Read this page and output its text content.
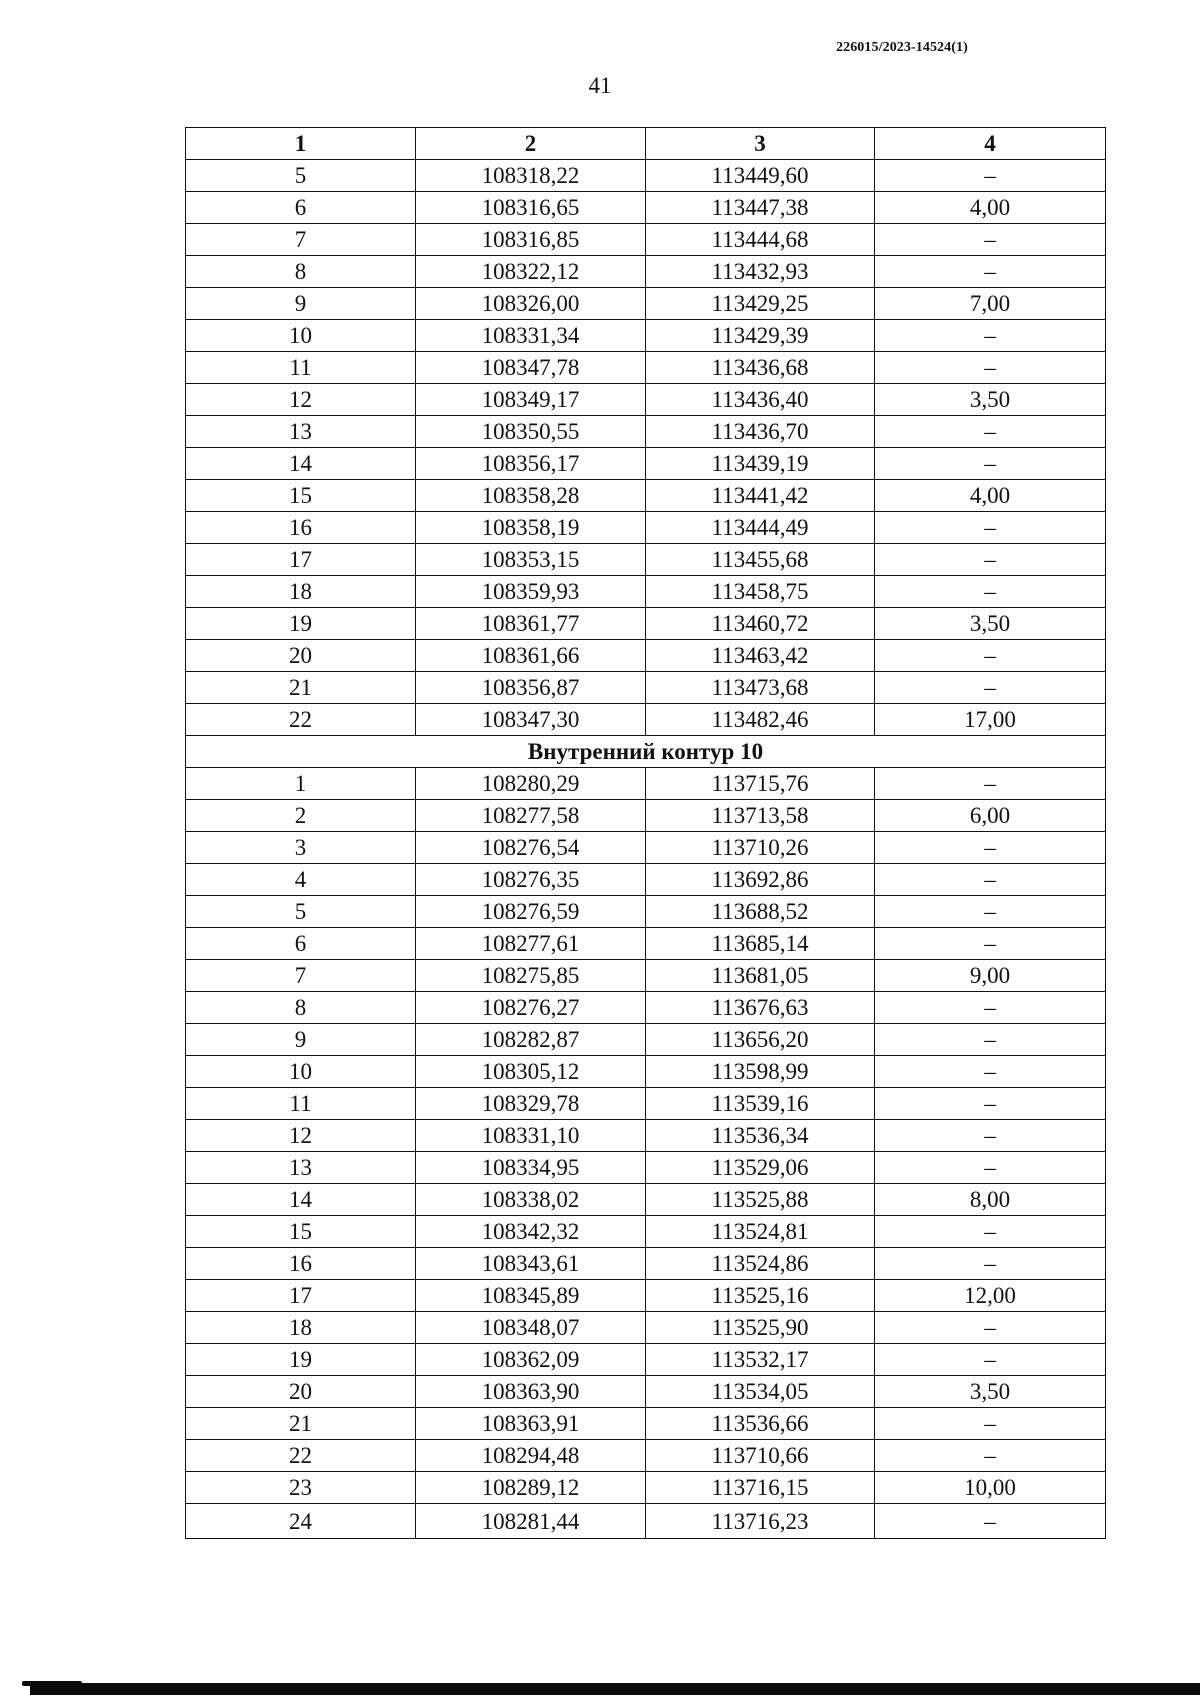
226015/2023-14524(1)
41
1	2	3	4
5	108318,22	113449,60	–
6	108316,65	113447,38	4,00
7	108316,85	113444,68	–
8	108322,12	113432,93	–
9	108326,00	113429,25	7,00
10	108331,34	113429,39	–
11	108347,78	113436,68	–
12	108349,17	113436,40	3,50
13	108350,55	113436,70	–
14	108356,17	113439,19	–
15	108358,28	113441,42	4,00
16	108358,19	113444,49	–
17	108353,15	113455,68	–
18	108359,93	113458,75	–
19	108361,77	113460,72	3,50
20	108361,66	113463,42	–
21	108356,87	113473,68	–
22	108347,30	113482,46	17,00
Внутренний контур 10			
1	108280,29	113715,76	–
2	108277,58	113713,58	6,00
3	108276,54	113710,26	–
4	108276,35	113692,86	–
5	108276,59	113688,52	–
6	108277,61	113685,14	–
7	108275,85	113681,05	9,00
8	108276,27	113676,63	–
9	108282,87	113656,20	–
10	108305,12	113598,99	–
11	108329,78	113539,16	–
12	108331,10	113536,34	–
13	108334,95	113529,06	–
14	108338,02	113525,88	8,00
15	108342,32	113524,81	–
16	108343,61	113524,86	–
17	108345,89	113525,16	12,00
18	108348,07	113525,90	–
19	108362,09	113532,17	–
20	108363,90	113534,05	3,50
21	108363,91	113536,66	–
22	108294,48	113710,66	–
23	108289,12	113716,15	10,00
24	108281,44	113716,23	–
